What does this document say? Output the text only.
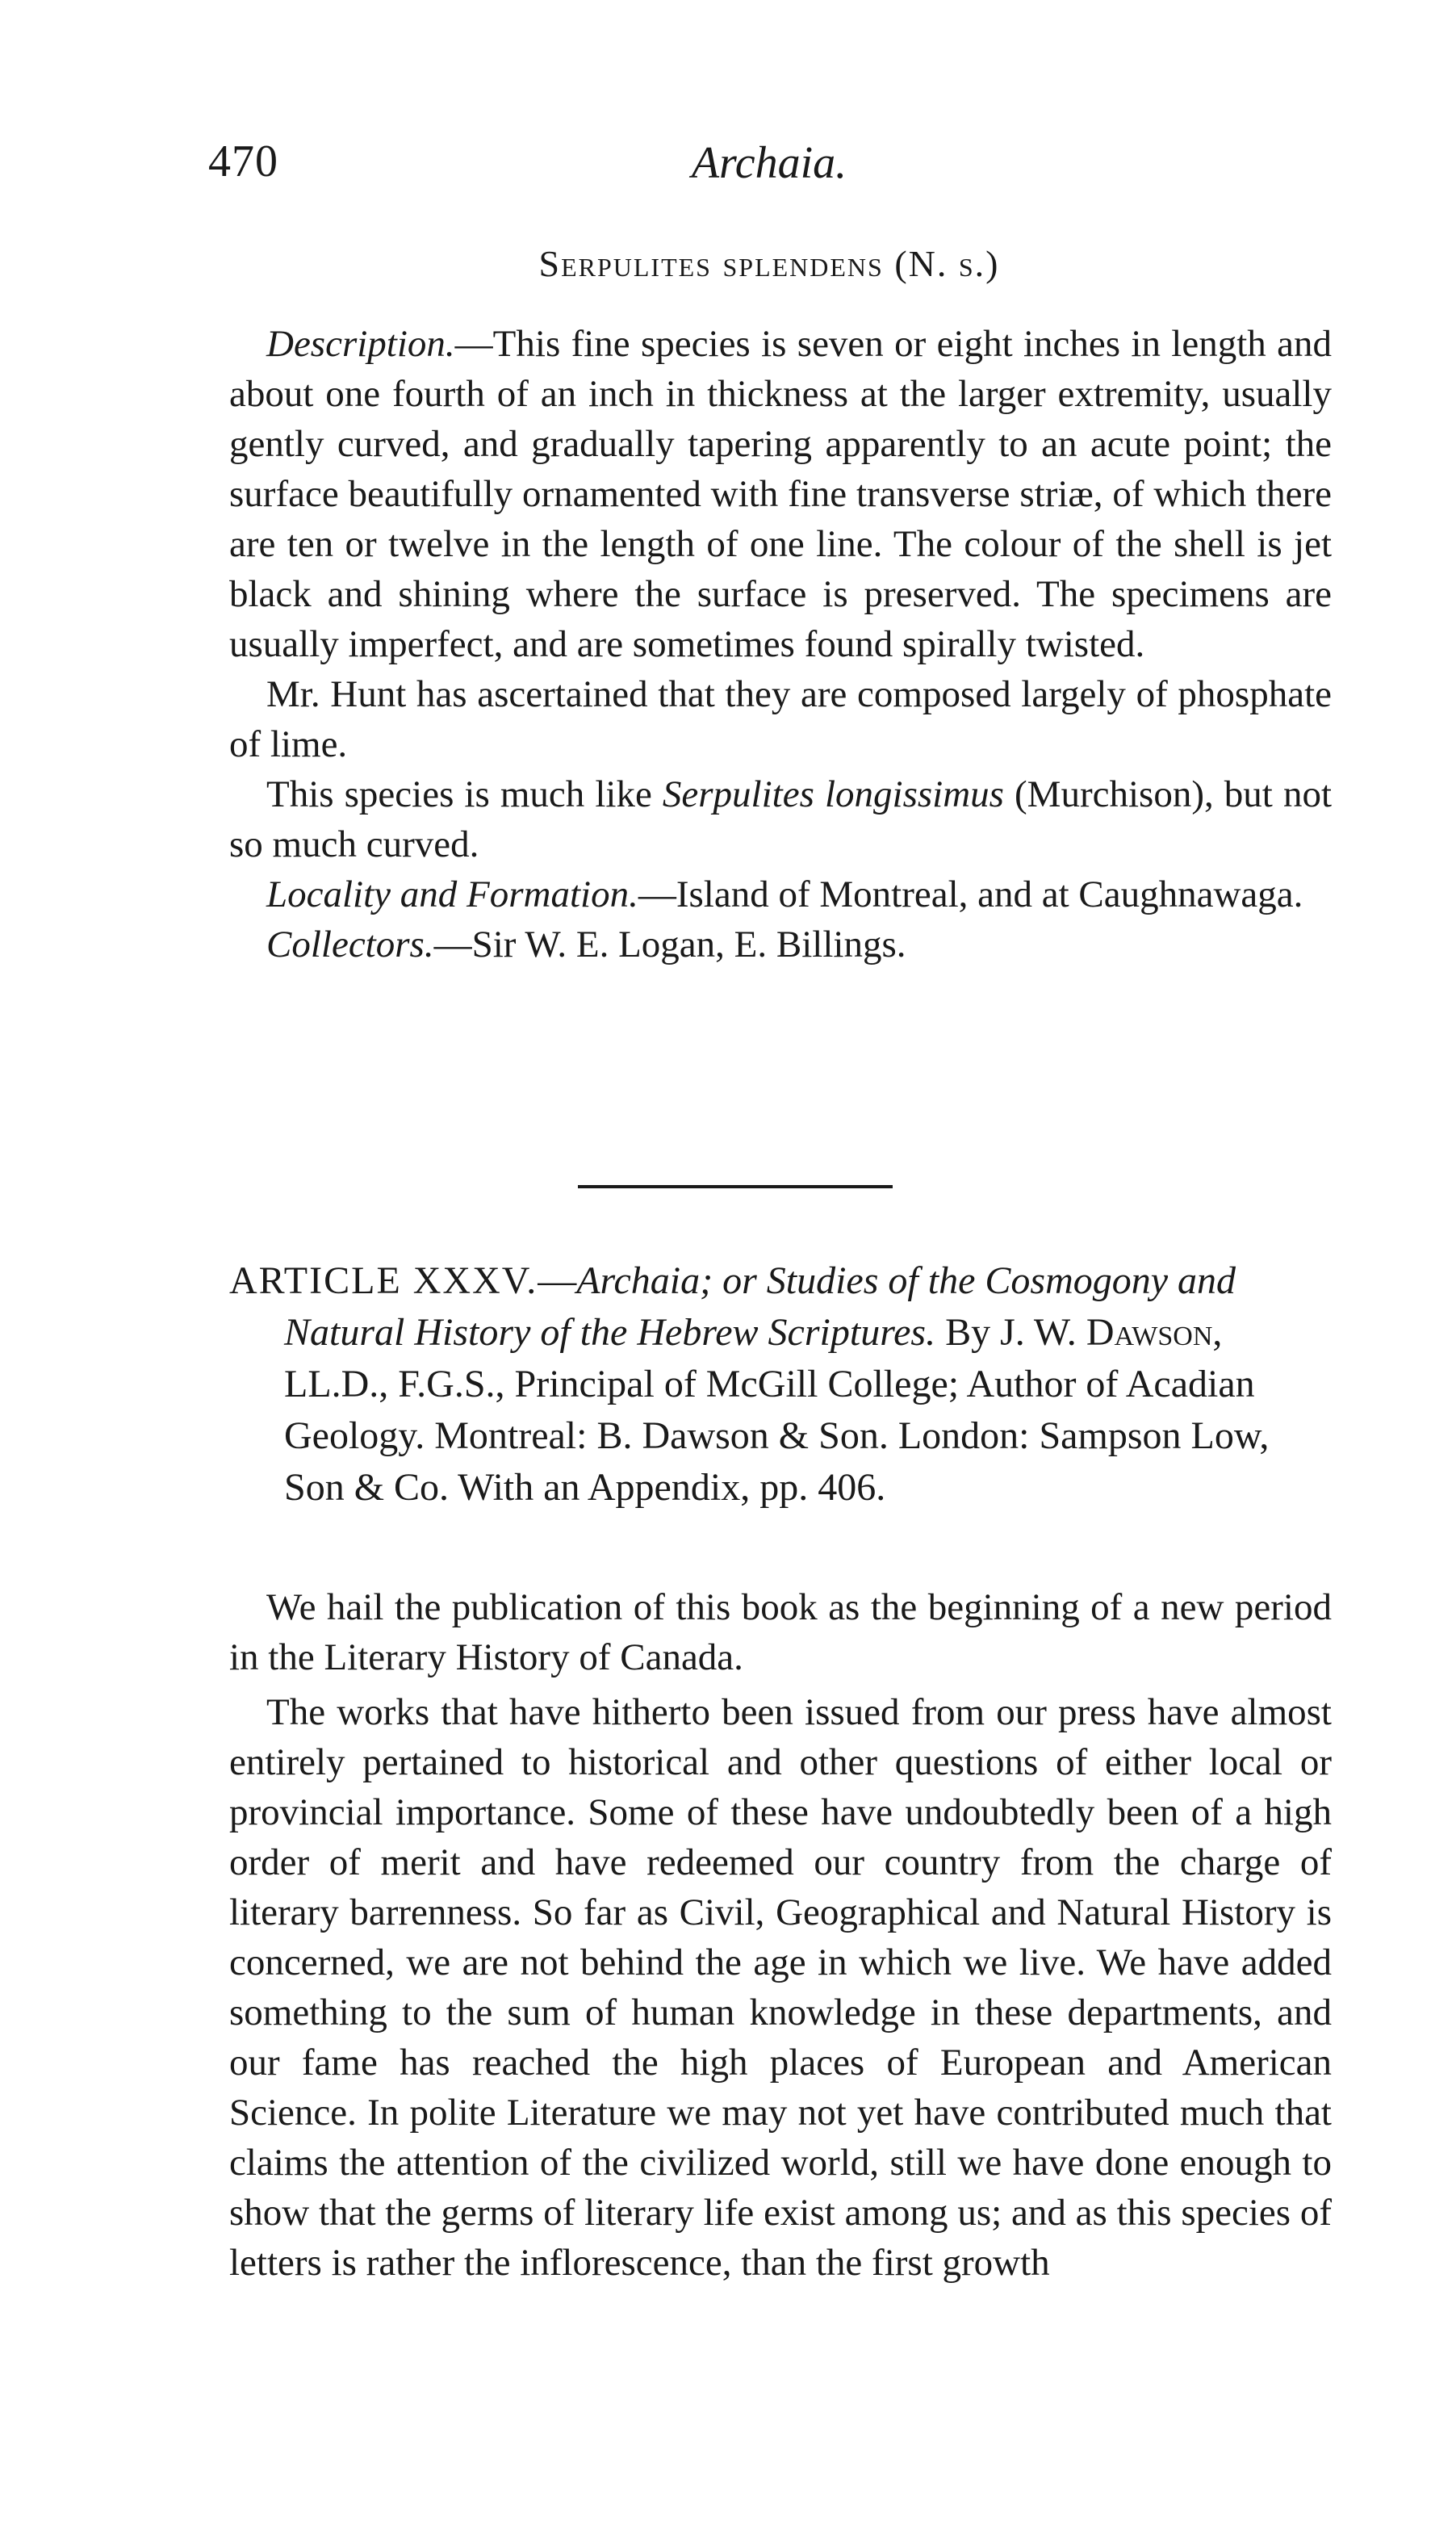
470	Archaia.
Serpulites splendens (N. s.)

Description.—This fine species is seven or eight inches in length and about one fourth of an inch in thickness at the larger extremity, usually gently curved, and gradually tapering apparently to an acute point; the surface beautifully ornamented with fine transverse striæ, of which there are ten or twelve in the length of one line. The colour of the shell is jet black and shining where the surface is preserved. The specimens are usually imperfect, and are sometimes found spirally twisted.

Mr. Hunt has ascertained that they are composed largely of phosphate of lime.

This species is much like Serpulites longissimus (Murchison), but not so much curved.

Locality and Formation.—Island of Montreal, and at Caughnawaga.

Collectors.—Sir W. E. Logan, E. Billings.

ARTICLE XXXV.—Archaia; or Studies of the Cosmogony and Natural History of the Hebrew Scriptures. By J. W. Dawson, LL.D., F.G.S., Principal of McGill College; Author of Acadian Geology. Montreal: B. Dawson & Son. London: Sampson Low, Son & Co. With an Appendix, pp. 406.

We hail the publication of this book as the beginning of a new period in the Literary History of Canada.

The works that have hitherto been issued from our press have almost entirely pertained to historical and other questions of either local or provincial importance. Some of these have undoubtedly been of a high order of merit and have redeemed our country from the charge of literary barrenness. So far as Civil, Geographical and Natural History is concerned, we are not behind the age in which we live. We have added something to the sum of human knowledge in these departments, and our fame has reached the high places of European and American Science. In polite Literature we may not yet have contributed much that claims the attention of the civilized world, still we have done enough to show that the germs of literary life exist among us; and as this species of letters is rather the inflorescence, than the first growth
